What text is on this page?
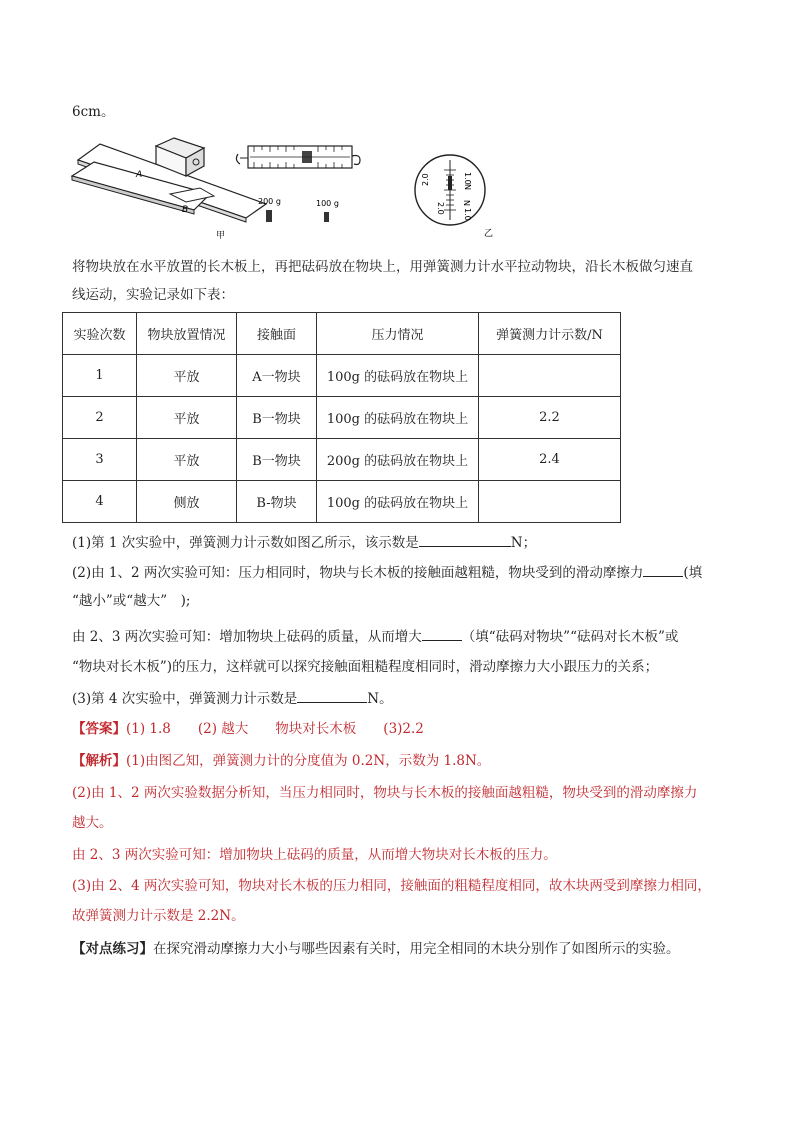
6cm。
A
B
200 g	100 g
甲
2.0	1.0
N
N
2.0 1.0
乙
将物块放在水平放置的长木板上，再把砝码放在物块上，用弹簧测力计水平拉动物块，沿长木板做匀速直
线运动，实验记录如下表：
实验次数	物块放置情况	接触面	压力情况	弹簧测力计示数/N
1	平放	A一物块	100g 的砝码放在物块上	
2	平放	B一物块	100g 的砝码放在物块上	2.2
3	平放	B一物块	200g 的砝码放在物块上	2.4
4	侧放	B-物块	100g 的砝码放在物块上	
(1)第 1 次实验中，弹簧测力计示数如图乙所示，该示数是	N；
(2)由 1、2 两次实验可知：压力相同时，物块与长木板的接触面越粗糙，物块受到的滑动摩擦力	(填
“越小”或“越大”　);
由 2、3 两次实验可知：增加物块上砝码的质量，从而增大	（填“砝码对物块”“砝码对长木板”或
“物块对长木板”)的压力，这样就可以探究接触面粗糙程度相同时，滑动摩擦力大小跟压力的关系；
(3)第 4 次实验中，弹簧测力计示数是	N。
【答案】(1) 1.8　　(2) 越大　　物块对长木板　　(3)2.2
【解析】(1)由图乙知，弹簧测力计的分度值为 0.2N，示数为 1.8N。
(2)由 1、2 两次实验数据分析知，当压力相同时，物块与长木板的接触面越粗糙，物块受到的滑动摩擦力
越大。
由 2、3 两次实验可知：增加物块上砝码的质量，从而增大物块对长木板的压力。
(3)由 2、4 两次实验可知，物块对长木板的压力相同，接触面的粗糙程度相同，故木块两受到摩擦力相同，
故弹簧测力计示数是 2.2N。
【对点练习】在探究滑动摩擦力大小与哪些因素有关时，用完全相同的木块分别作了如图所示的实验。
